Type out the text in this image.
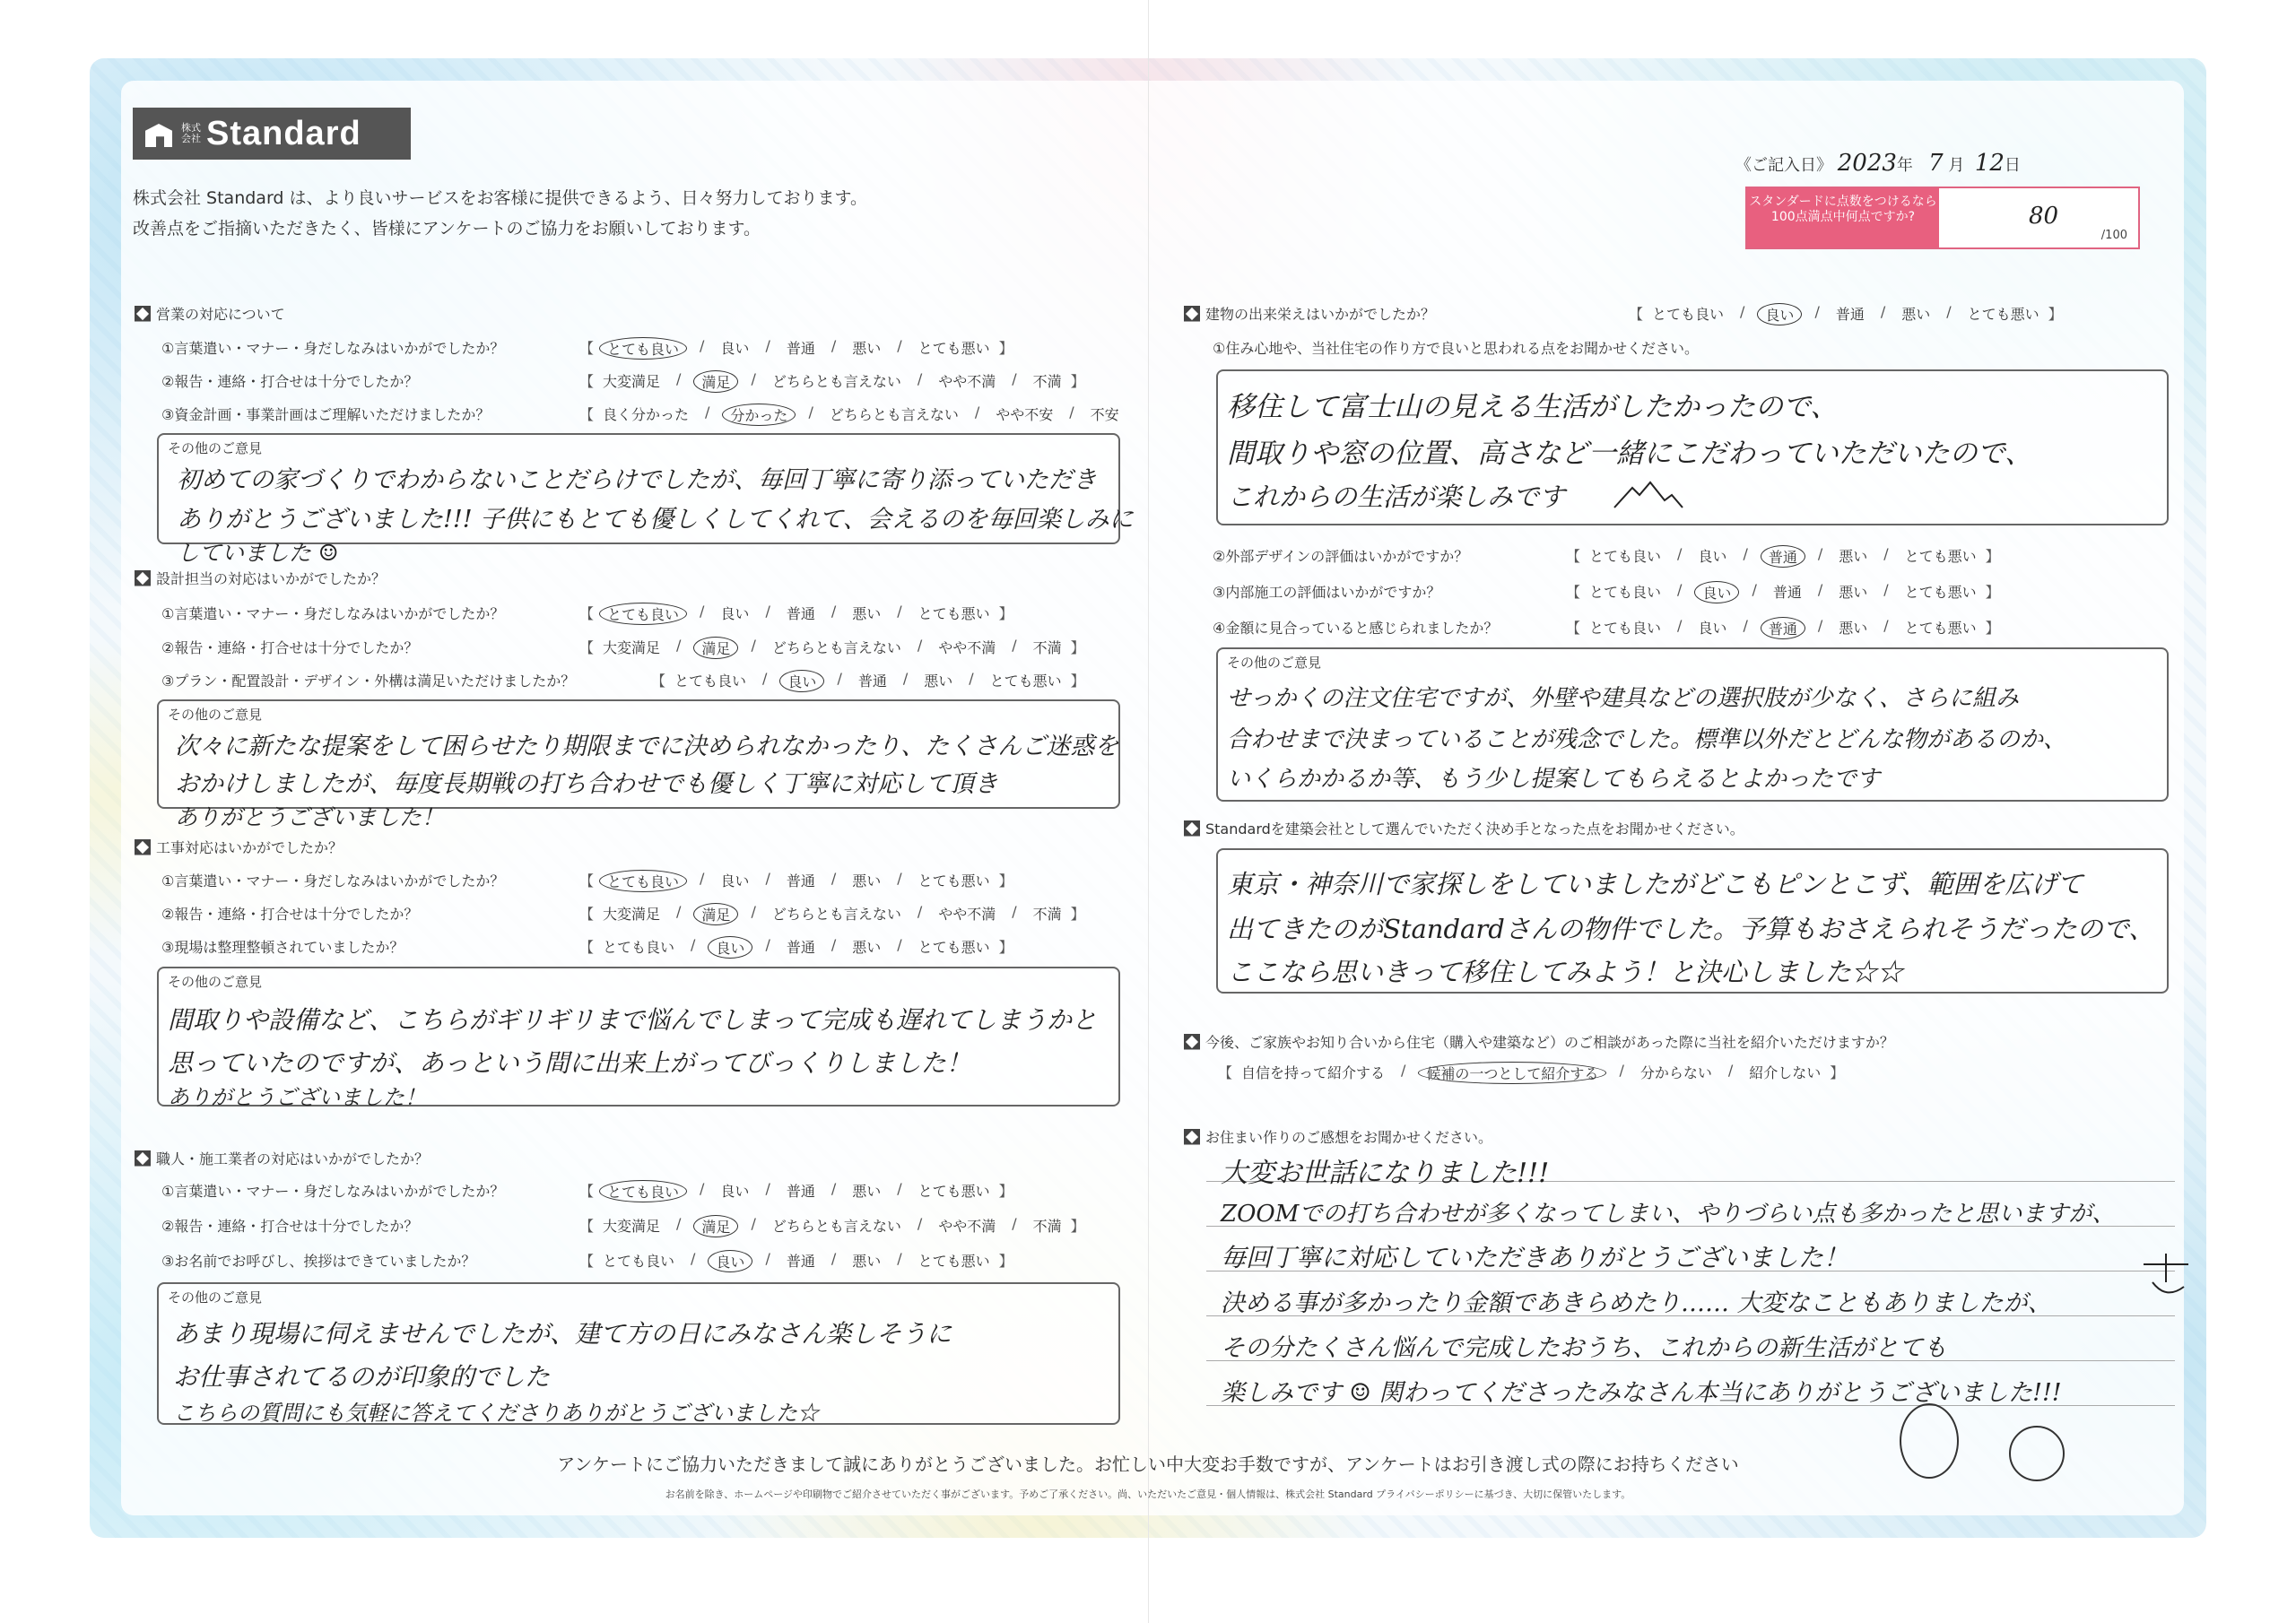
株式会社 Standard
株式会社 Standard は、より良いサービスをお客様に提供できるよう、日々努力しております。
改善点をご指摘いただきたく、皆様にアンケートのご協力をお願いしております。
《ご記入日》 2023年 7 月 12日
スタンダードに点数をつけるなら100点満点中何点ですか?	80
/100
営業の対応について
①言葉遣い・マナー・身だしなみはいかがでしたか？	【 とても良い	/	良い	/	普通	/	悪い	/	とても悪い 】
②報告・連絡・打合せは十分でしたか？	【 大変満足	/	満足	/	どちらとも言えない	/	やや不満	/	不満 】
③資金計画・事業計画はご理解いただけましたか？	【 良く分かった	/	分かった	/	どちらとも言えない	/	やや不安	/	不安
その他のご意見
初めての家づくりでわからないことだらけでしたが、毎回丁寧に寄り添っていただき
ありがとうございました!!! 子供にもとても優しくしてくれて、会えるのを毎回楽しみに
していました ☺
設計担当の対応はいかがでしたか？
①言葉遣い・マナー・身だしなみはいかがでしたか？	【 とても良い	/	良い	/	普通	/	悪い	/	とても悪い 】
②報告・連絡・打合せは十分でしたか？	【 大変満足	/	満足	/	どちらとも言えない	/	やや不満	/	不満 】
③プラン・配置設計・デザイン・外構は満足いただけましたか？	【 とても良い	/	良い	/	普通	/	悪い	/	とても悪い 】
その他のご意見
次々に新たな提案をして困らせたり期限までに決められなかったり、たくさんご迷惑を
おかけしましたが、毎度長期戦の打ち合わせでも優しく丁寧に対応して頂き
ありがとうございました！
工事対応はいかがでしたか？
①言葉遣い・マナー・身だしなみはいかがでしたか？	【 とても良い	/	良い	/	普通	/	悪い	/	とても悪い 】
②報告・連絡・打合せは十分でしたか？	【 大変満足	/	満足	/	どちらとも言えない	/	やや不満	/	不満 】
③現場は整理整頓されていましたか？	【 とても良い	/	良い	/	普通	/	悪い	/	とても悪い 】
その他のご意見
間取りや設備など、こちらがギリギリまで悩んでしまって完成も遅れてしまうかと
思っていたのですが、あっという間に出来上がってびっくりしました！
ありがとうございました！
職人・施工業者の対応はいかがでしたか？
①言葉遣い・マナー・身だしなみはいかがでしたか？	【 とても良い	/	良い	/	普通	/	悪い	/	とても悪い 】
②報告・連絡・打合せは十分でしたか？	【 大変満足	/	満足	/	どちらとも言えない	/	やや不満	/	不満 】
③お名前でお呼びし、挨拶はできていましたか？	【 とても良い	/	良い	/	普通	/	悪い	/	とても悪い 】
その他のご意見
あまり現場に伺えませんでしたが、建て方の日にみなさん楽しそうに
お仕事されてるのが印象的でした
こちらの質問にも気軽に答えてくださりありがとうございました☆
建物の出来栄えはいかがでしたか？	【 とても良い	/	良い	/	普通	/	悪い	/	とても悪い 】
①住み心地や、当社住宅の作り方で良いと思われる点をお聞かせください。
移住して富士山の見える生活がしたかったので、
間取りや窓の位置、高さなど一緒にこだわっていただいたので、
これからの生活が楽しみです
②外部デザインの評価はいかがですか？	【 とても良い	/	良い	/	普通	/	悪い	/	とても悪い 】
③内部施工の評価はいかがですか？	【 とても良い	/	良い	/	普通	/	悪い	/	とても悪い 】
④金額に見合っていると感じられましたか？	【 とても良い	/	良い	/	普通	/	悪い	/	とても悪い 】
その他のご意見
せっかくの注文住宅ですが、外壁や建具などの選択肢が少なく、さらに組み
合わせまで決まっていることが残念でした。標準以外だとどんな物があるのか、
いくらかかるか等、もう少し提案してもらえるとよかったです
Standardを建築会社として選んでいただく決め手となった点をお聞かせください。
東京・神奈川で家探しをしていましたがどこもピンとこず、範囲を広げて
出てきたのがStandardさんの物件でした。予算もおさえられそうだったので、
ここなら思いきって移住してみよう！と決心しました☆☆
今後、ご家族やお知り合いから住宅（購入や建築など）のご相談があった際に当社を紹介いただけますか？
【 自信を持って紹介する	/	候補の一つとして紹介する	/	分からない	/	紹介しない 】
お住まい作りのご感想をお聞かせください。
大変お世話になりました!!!
ZOOMでの打ち合わせが多くなってしまい、やりづらい点も多かったと思いますが、
毎回丁寧に対応していただきありがとうございました！
決める事が多かったり金額であきらめたり…… 大変なこともありましたが、
その分たくさん悩んで完成したおうち、これからの新生活がとても
楽しみです ☺ 関わってくださったみなさん本当にありがとうございました!!!
アンケートにご協力いただきまして誠にありがとうございました。お忙しい中大変お手数ですが、アンケートはお引き渡し式の際にお持ちください
お名前を除き、ホームページや印刷物でご紹介させていただく事がございます。予めご了承ください。尚、いただいたご意見・個人情報は、株式会社 Standard プライバシーポリシーに基づき、大切に保管いたします。
